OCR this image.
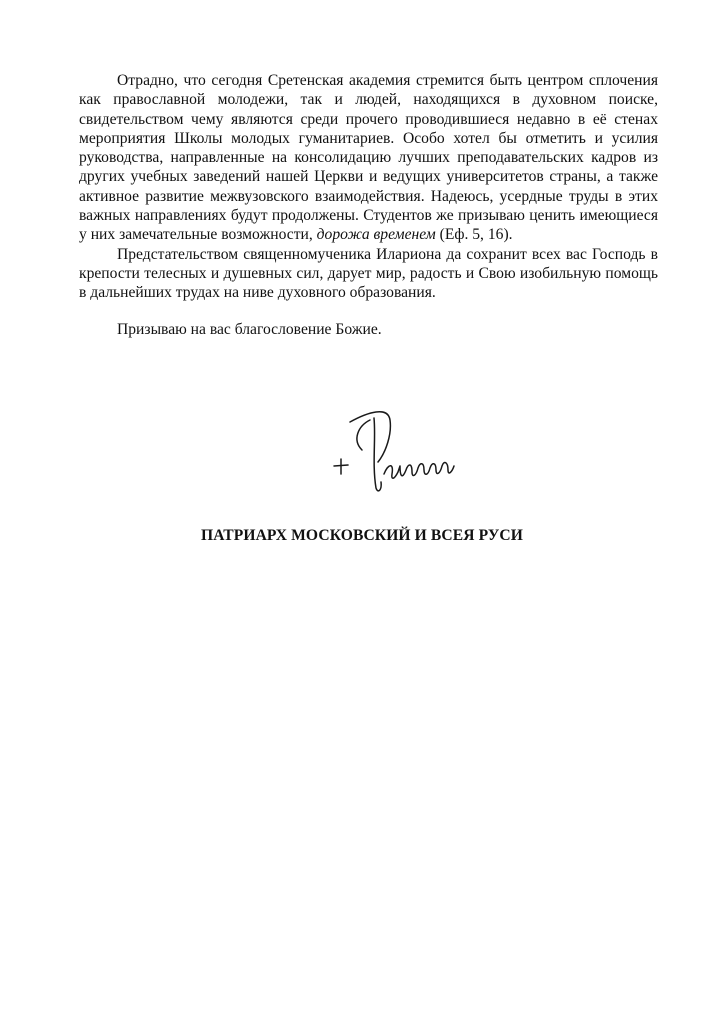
Отрадно, что сегодня Сретенская академия стремится быть центром сплочения как православной молодежи, так и людей, находящихся в духовном поиске, свидетельством чему являются среди прочего проводившиеся недавно в её стенах мероприятия Школы молодых гуманитариев. Особо хотел бы отметить и усилия руководства, направленные на консолидацию лучших преподавательских кадров из других учебных заведений нашей Церкви и ведущих университетов страны, а также активное развитие межвузовского взаимодействия. Надеюсь, усердные труды в этих важных направлениях будут продолжены. Студентов же призываю ценить имеющиеся у них замечательные возможности, дорожа временем (Еф. 5, 16).

Предстательством священномученика Илариона да сохранит всех вас Господь в крепости телесных и душевных сил, дарует мир, радость и Свою изобильную помощь в дальнейших трудах на ниве духовного образования.

Призываю на вас благословение Божие.

ПАТРИАРХ МОСКОВСКИЙ И ВСЕЯ РУСИ
